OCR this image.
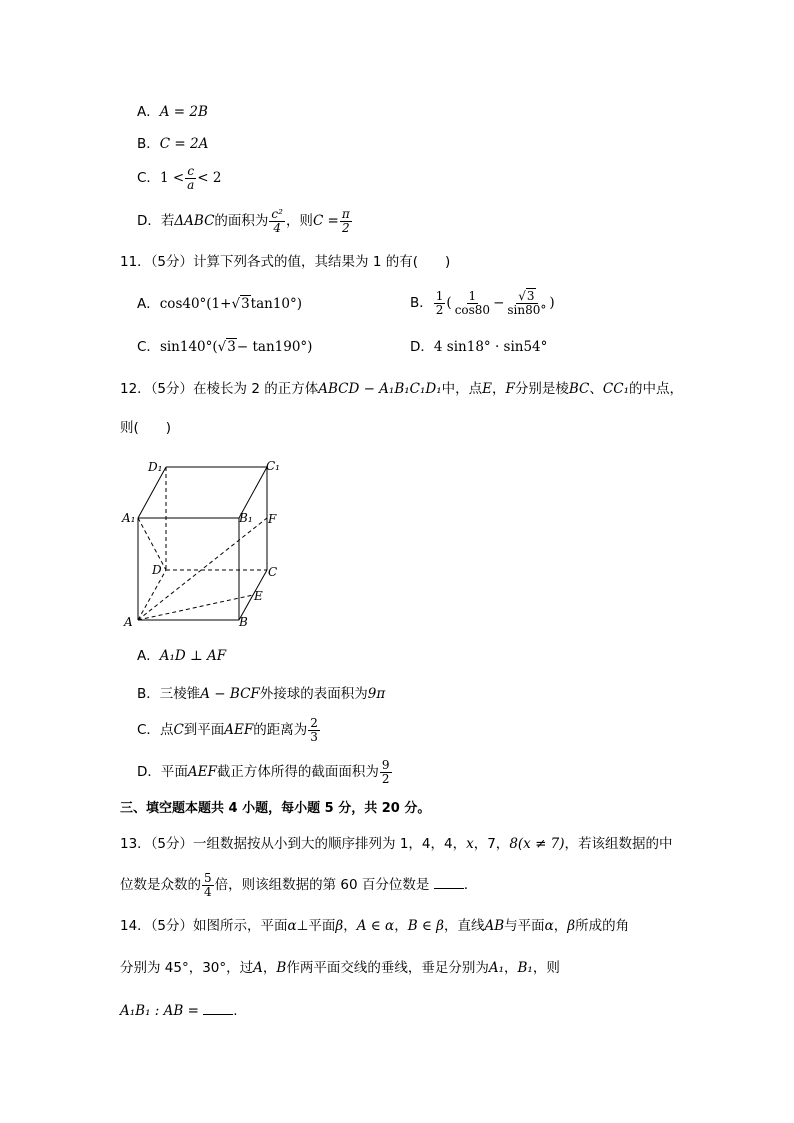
A．A = 2B
B．C = 2A
C．$1 < \frac{c}{a} < 2$
D．若ΔABC的面积为 $\frac{\text{c²}}{4}$ ，则$C = \frac{\pi}{2}$
11．（5分）计算下列各式的值，其结果为 1 的有(　　)
A．cos40°(1+√3tan10°)	B． $\frac{1}{2}$ ( $\frac{1}{\cos 80} - \frac{√3}{\sin 80^\circ}$ )
C．sin140°(√3− tan190°)	D．4 sin18° · sin54°
12．（5分）在棱长为 2 的正方体ABCD − A₁B₁C₁D₁中，点E，F分别是棱BC、CC₁的中点，
则(　　)
D₁	C₁
A₁	B₁ F
D	C
E
A	B
A．A₁D ⊥ AF
B．三棱锥A − BCF外接球的表面积为9π
C．点C到平面AEF的距离为 $\frac{2}{3}$
D．平面AEF截正方体所得的截面面积为 $\frac{9}{2}$
三、填空题本题共 4 小题，每小题 5 分，共 20 分。
13．（5分）一组数据按从小到大的顺序排列为 1，4，4，x，7，8(x ≠ 7)，若该组数据的中
位数是众数的 $\frac{5}{4}$ 倍，则该组数据的第 60 百分位数是	.
14．（5分）如图所示，平面α⊥平面β，A ∈ α，B ∈ β，直线AB与平面α，β所成的角
分别为 45°，30°，过A，B作两平面交线的垂线，垂足分别为A₁，B₁，则
A₁B₁ : AB =	.
